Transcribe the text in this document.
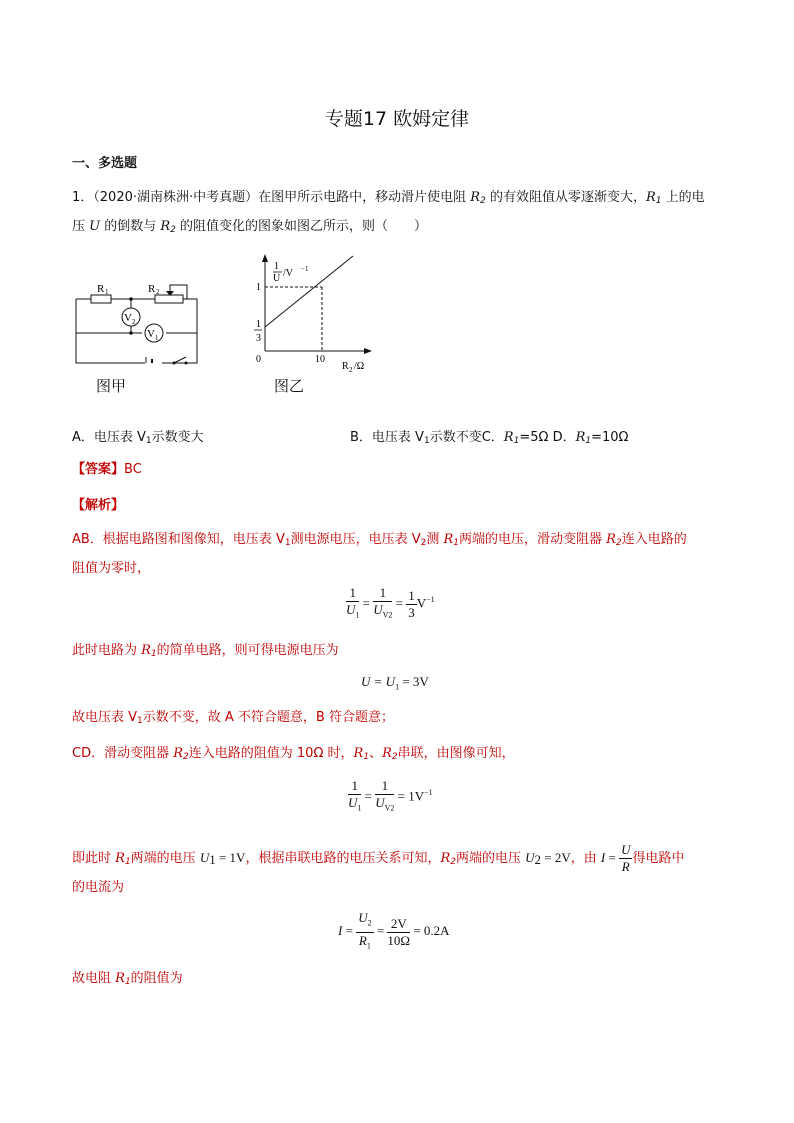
专题17 欧姆定律
一、多选题
1．（2020·湖南株洲·中考真题）在图甲所示电路中，移动滑片使电阻 $R_2$ 的有效阻值从零逐渐变大，$R_1$ 上的电
压 U 的倒数与 $R_2$ 的阻值变化的图象如图乙所示，则（　　）
R 1	R 2
V 2
V 1
图甲
1
U /V −1
1
1
3
0	10
R 2 /Ω
图乙
A．电压表 V1示数变大	B．电压表 V1示数不变C．$R_1=5\Omega$ D．$R_1=10\Omega$
【答案】BC
【解析】
AB．根据电路图和图像知，电压表 V1测电源电压，电压表 V2测 $R_1$两端的电压，滑动变阻器 $R_2$连入电路的
阻值为零时，
$\frac{1}{U_1} = \frac{1}{U_{V2}} = \frac{1}{3} V^{-1}$
此时电路为 $R_1$的简单电路，则可得电源电压为
$U = U_1 = 3V$
故电压表 V1示数不变，故 A 不符合题意，B 符合题意；
CD．滑动变阻器 $R_2$连入电路的阻值为 10Ω 时，$R_1$、$R_2$串联，由图像可知，
$\frac{1}{U_1} = \frac{1}{U_{V2}} = 1V^{-1}$
即此时 $R_1$两端的电压 U1 = 1V，根据串联电路的电压关系可知，$R_2$两端的电压 U2 = 2V，由 $I = \frac{U}{R}$ 得电路中
的电流为
$I = \frac{U_2}{R_1} = \frac{2V}{10\Omega} = 0.2A$
故电阻 $R_1$的阻值为
